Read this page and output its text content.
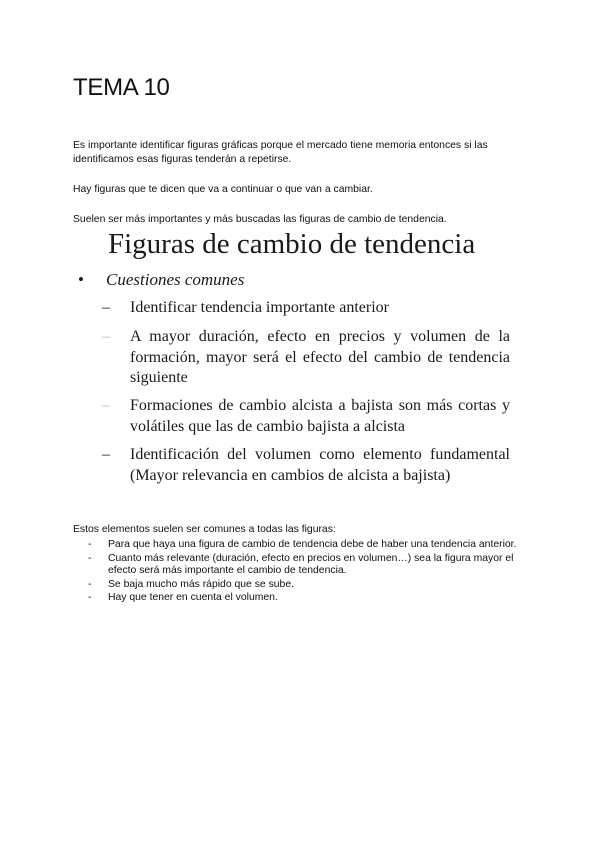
TEMA 10

Es importante identificar figuras gráficas porque el mercado tiene memoria entonces si las identificamos esas figuras tenderán a repetirse.

Hay figuras que te dicen que va a continuar o que van a cambiar.

Suelen ser más importantes y más buscadas las figuras de cambio de tendencia.

Figuras de cambio de tendencia
• Cuestiones comunes
–	Identificar tendencia importante anterior
–	A mayor duración, efecto en precios y volumen de la formación, mayor será el efecto del cambio de tendencia siguiente
–	Formaciones de cambio alcista a bajista son más cortas y volátiles que las de cambio bajista a alcista
–	Identificación del volumen como elemento fundamental (Mayor relevancia en cambios de alcista a bajista)

Estos elementos suelen ser comunes a todas las figuras:

- Para que haya una figura de cambio de tendencia debe de haber una tendencia anterior.
- Cuanto más relevante (duración, efecto en precios en volumen…) sea la figura mayor el efecto será más importante el cambio de tendencia.
- Se baja mucho más rápido que se sube.
- Hay que tener en cuenta el volumen.
